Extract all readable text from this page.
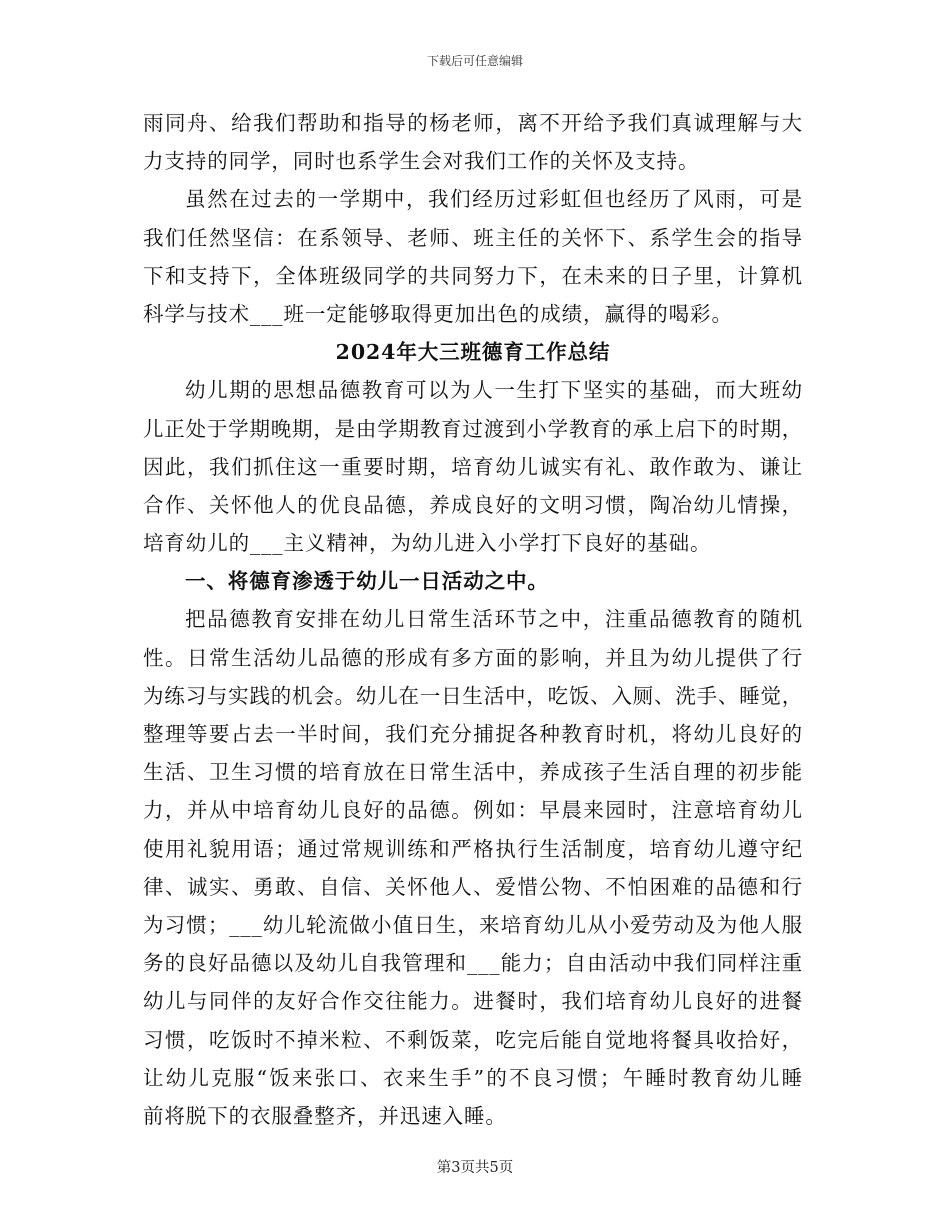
下载后可任意编辑
雨同舟、给我们帮助和指导的杨老师，离不开给予我们真诚理解与大
力支持的同学，同时也系学生会对我们工作的关怀及支持。
虽然在过去的一学期中，我们经历过彩虹但也经历了风雨，可是
我们任然坚信：在系领导、老师、班主任的关怀下、系学生会的指导
下和支持下，全体班级同学的共同努力下，在未来的日子里，计算机
科学与技术___班一定能够取得更加出色的成绩，赢得的喝彩。
2024年大三班德育工作总结
幼儿期的思想品德教育可以为人一生打下坚实的基础，而大班幼
儿正处于学期晚期，是由学期教育过渡到小学教育的承上启下的时期，
因此，我们抓住这一重要时期，培育幼儿诚实有礼、敢作敢为、谦让
合作、关怀他人的优良品德，养成良好的文明习惯，陶冶幼儿情操，
培育幼儿的___主义精神，为幼儿进入小学打下良好的基础。
一、将德育渗透于幼儿一日活动之中。
把品德教育安排在幼儿日常生活环节之中，注重品德教育的随机
性。日常生活幼儿品德的形成有多方面的影响，并且为幼儿提供了行
为练习与实践的机会。幼儿在一日生活中，吃饭、入厕、洗手、睡觉，
整理等要占去一半时间，我们充分捕捉各种教育时机，将幼儿良好的
生活、卫生习惯的培育放在日常生活中，养成孩子生活自理的初步能
力，并从中培育幼儿良好的品德。例如：早晨来园时，注意培育幼儿
使用礼貌用语；通过常规训练和严格执行生活制度，培育幼儿遵守纪
律、诚实、勇敢、自信、关怀他人、爱惜公物、不怕困难的品德和行
为习惯；___幼儿轮流做小值日生，来培育幼儿从小爱劳动及为他人服
务的良好品德以及幼儿自我管理和___能力；自由活动中我们同样注重
幼儿与同伴的友好合作交往能力。进餐时，我们培育幼儿良好的进餐
习惯，吃饭时不掉米粒、不剩饭菜，吃完后能自觉地将餐具收拾好，
让幼儿克服“饭来张口、衣来生手”的不良习惯；午睡时教育幼儿睡
前将脱下的衣服叠整齐，并迅速入睡。
第3页共5页
